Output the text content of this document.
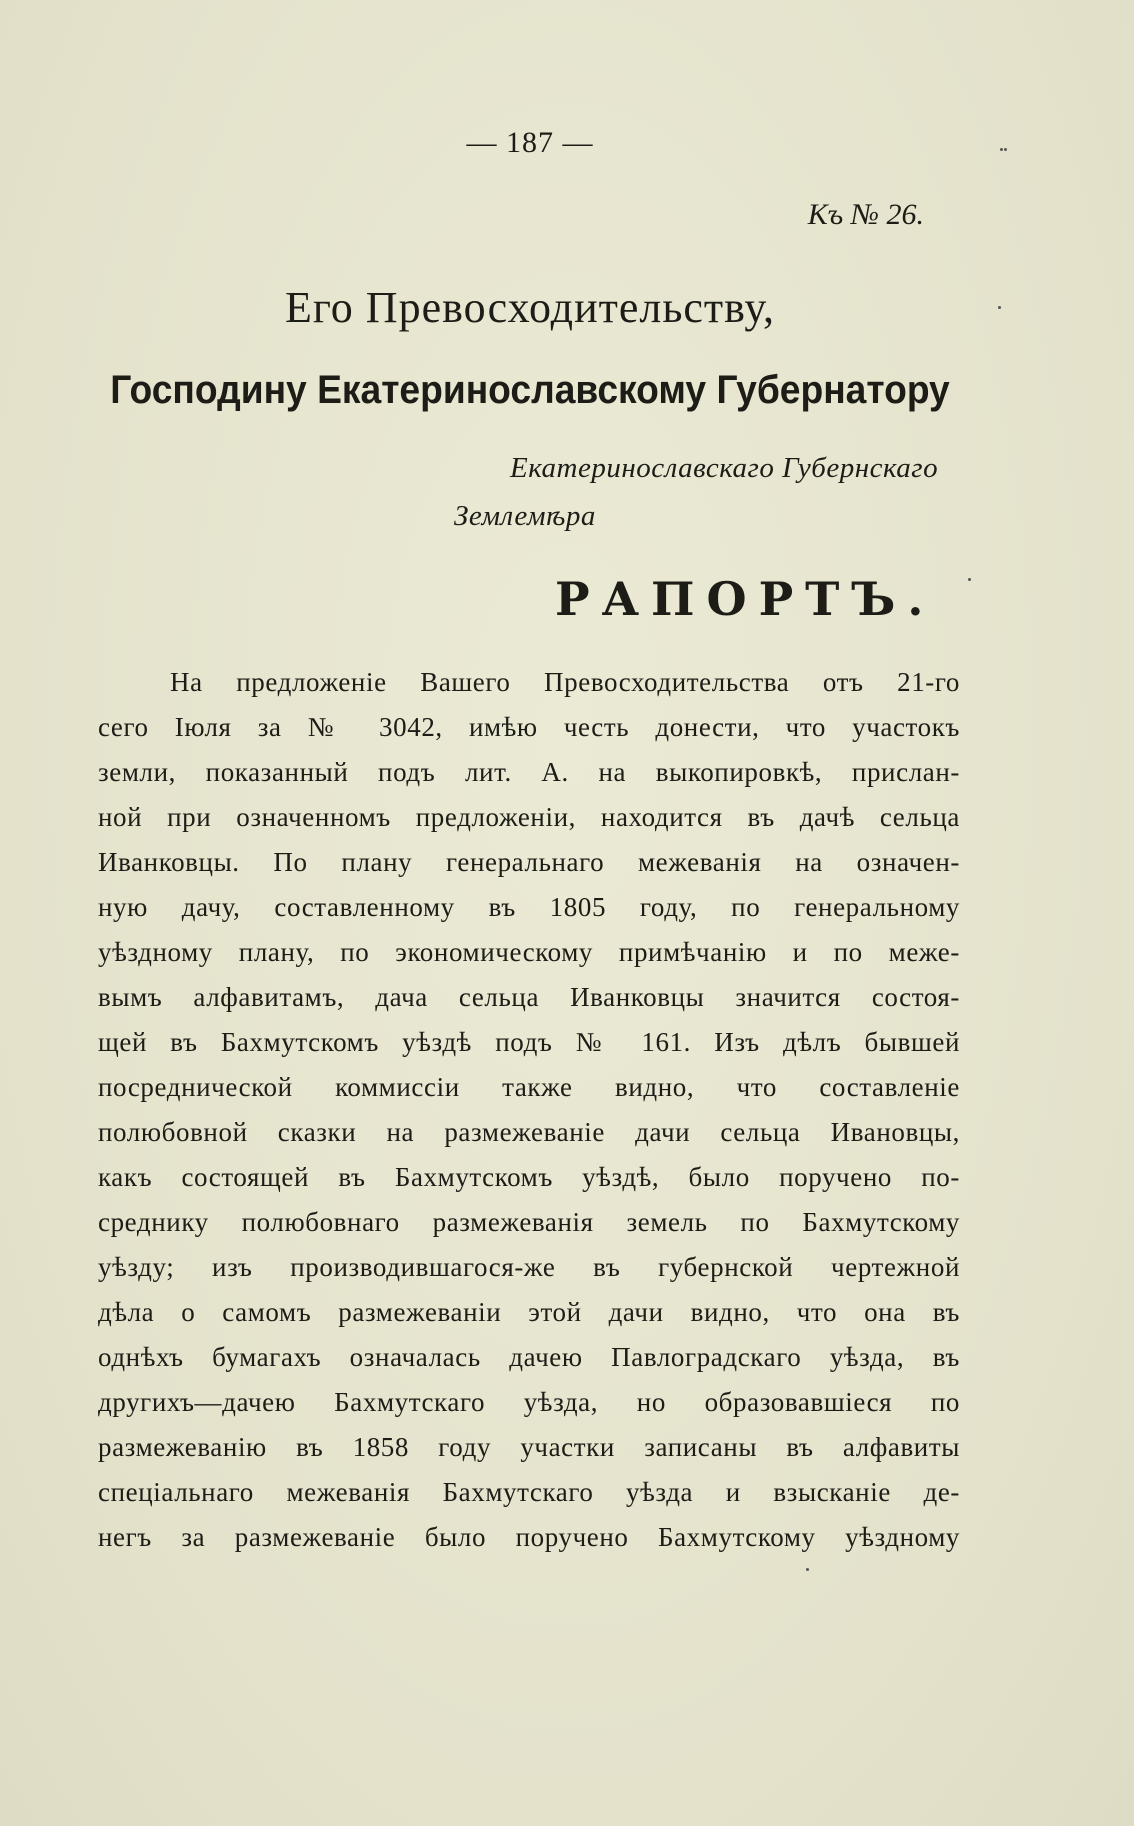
— 187 —
Къ № 26.
Его Превосходительству,
Господину Екатеринославскому Губернатору
Екатеринославскаго Губернскаго
Землемѣра
РАПОРТЪ.
На предложеніе Вашего Превосходительства отъ 21-го
сего Іюля за № 3042, имѣю честь донести, что участокъ
земли, показанный подъ лит. А. на выкопировкѣ, прислан-
ной при означенномъ предложеніи, находится въ дачѣ сельца
Иванковцы. По плану генеральнаго межеванія на означен-
ную дачу, составленному въ 1805 году, по генеральному
уѣздному плану, по экономическому примѣчанію и по меже-
вымъ алфавитамъ, дача сельца Иванковцы значится состоя-
щей въ Бахмутскомъ уѣздѣ подъ № 161. Изъ дѣлъ бывшей
посреднической коммиссіи также видно, что составленіе
полюбовной сказки на размежеваніе дачи сельца Ивановцы,
какъ состоящей въ Бахмутскомъ уѣздѣ, было поручено по-
среднику полюбовнаго размежеванія земель по Бахмутскому
уѣзду; изъ производившагося-же въ губернской чертежной
дѣла о самомъ размежеваніи этой дачи видно, что она въ
однѣхъ бумагахъ означалась дачею Павлоградскаго уѣзда, въ
другихъ—дачею Бахмутскаго уѣзда, но образовавшіеся по
размежеванію въ 1858 году участки записаны въ алфавиты
спеціальнаго межеванія Бахмутскаго уѣзда и взысканіе де-
негъ за размежеваніе было поручено Бахмутскому уѣздному
